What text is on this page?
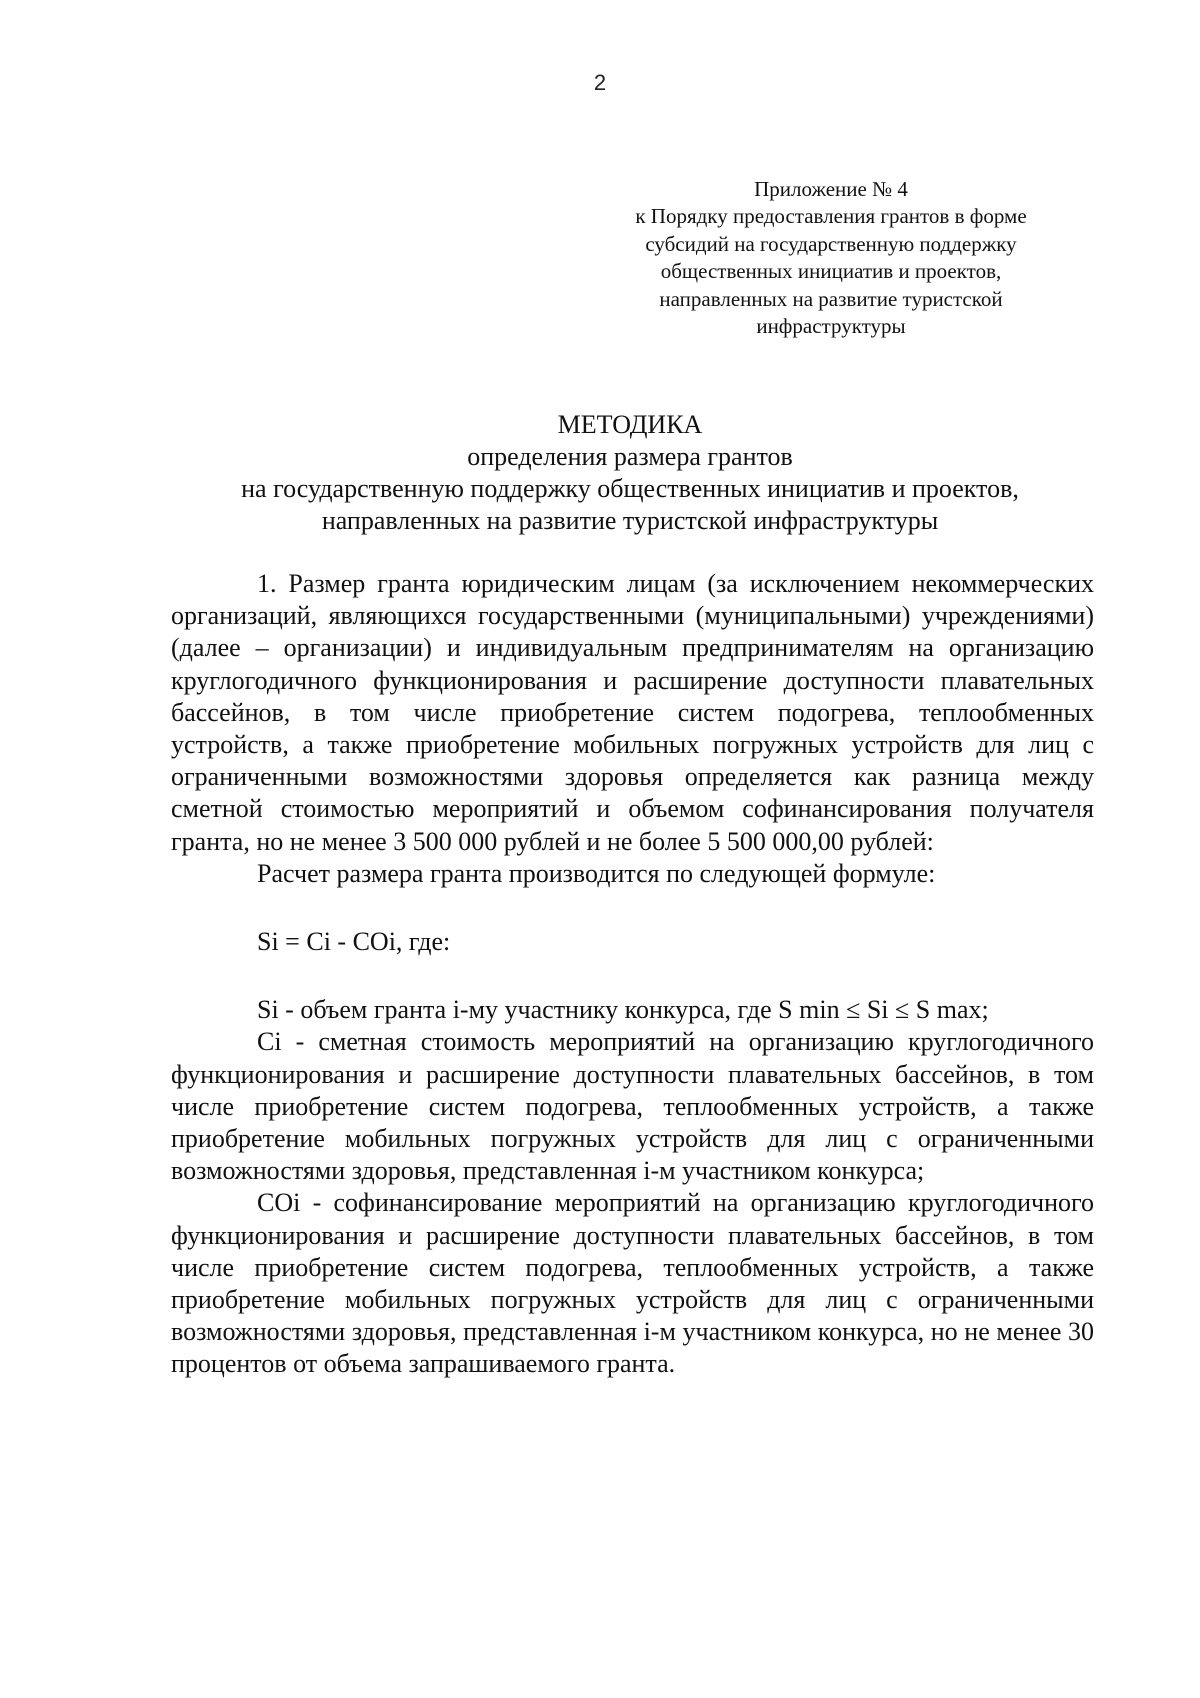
2
Приложение № 4
к Порядку предоставления грантов в форме
субсидий на государственную поддержку
общественных инициатив и проектов,
направленных на развитие туристской
инфраструктуры
МЕТОДИКА
определения размера грантов
на государственную поддержку общественных инициатив и проектов,
направленных на развитие туристской инфраструктуры

1. Размер гранта юридическим лицам (за исключением некоммерческих организаций, являющихся государственными (муниципальными) учреждениями) (далее – организации) и индивидуальным предпринимателям на организацию круглогодичного функционирования и расширение доступности плавательных бассейнов, в том числе приобретение систем подогрева, теплообменных устройств, а также приобретение мобильных погружных устройств для лиц с ограниченными возможностями здоровья определяется как разница между сметной стоимостью мероприятий и объемом софинансирования получателя гранта, но не менее 3 500 000 рублей и не более 5 500 000,00 рублей:

Расчет размера гранта производится по следующей формуле:

Si = Ci - COi, где:

Si - объем гранта i-му участнику конкурса, где S min ≤ Si ≤ S max;

Ci - сметная стоимость мероприятий на организацию круглогодичного функционирования и расширение доступности плавательных бассейнов, в том числе приобретение систем подогрева, теплообменных устройств, а также приобретение мобильных погружных устройств для лиц с ограниченными возможностями здоровья, представленная i-м участником конкурса;

COi - софинансирование мероприятий на организацию круглогодичного функционирования и расширение доступности плавательных бассейнов, в том числе приобретение систем подогрева, теплообменных устройств, а также приобретение мобильных погружных устройств для лиц с ограниченными возможностями здоровья, представленная i-м участником конкурса, но не менее 30 процентов от объема запрашиваемого гранта.
